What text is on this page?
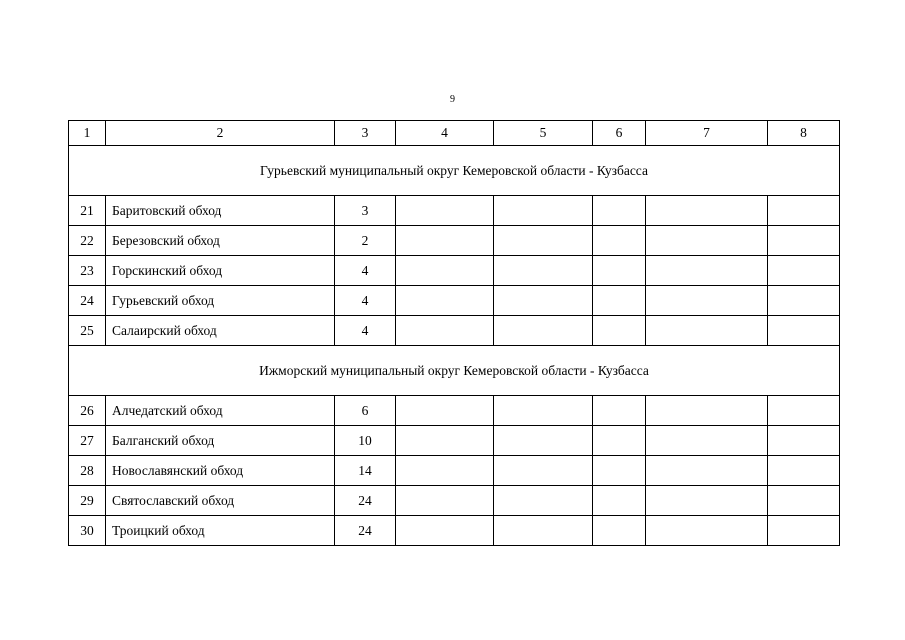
9
1	2	3	4	5	6	7	8
Гурьевский муниципальный округ Кемеровской области - Кузбасса							
21	Баритовский обход	3					
22	Березовский обход	2					
23	Горскинский обход	4					
24	Гурьевский обход	4					
25	Салаирский обход	4					
Ижморский муниципальный округ Кемеровской области - Кузбасса							
26	Алчедатский обход	6					
27	Балганский обход	10					
28	Новославянский обход	14					
29	Святославский обход	24					
30	Троицкий обход	24					
